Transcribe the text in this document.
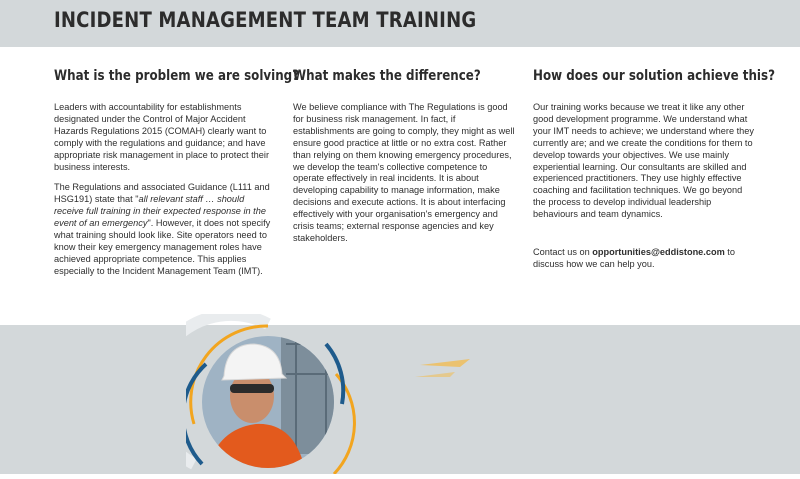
INCIDENT MANAGEMENT TEAM TRAINING
What is the problem we are solving?

Leaders with accountability for establishments designated under the Control of Major Accident Hazards Regulations 2015 (COMAH) clearly want to comply with the regulations and guidance; and have appropriate risk management in place to protect their business interests.

The Regulations and associated Guidance (L111 and HSG191) state that "all relevant staff … should receive full training in their expected response in the event of an emergency". However, it does not specify what training should look like. Site operators need to know their key emergency management roles have achieved appropriate competence. This applies especially to the Incident Management Team (IMT).

What makes the difference?

We believe compliance with The Regulations is good for business risk management. In fact, if establishments are going to comply, they might as well ensure good practice at little or no extra cost. Rather than relying on them knowing emergency procedures, we develop the team's collective competence to operate effectively in real incidents. It is about developing capability to manage information, make decisions and execute actions. It is about interfacing effectively with your organisation's emergency and crisis teams; external response agencies and key stakeholders.

How does our solution achieve this?

Our training works because we treat it like any other good development programme. We understand what your IMT needs to achieve; we understand where they currently are; and we create the conditions for them to develop towards your objectives. We use mainly experiential learning. Our consultants are skilled and experienced practitioners. They use highly effective coaching and facilitation techniques. We go beyond the process to develop individual leadership behaviours and team dynamics.

Contact us on opportunities@eddistone.com to discuss how we can help you.
